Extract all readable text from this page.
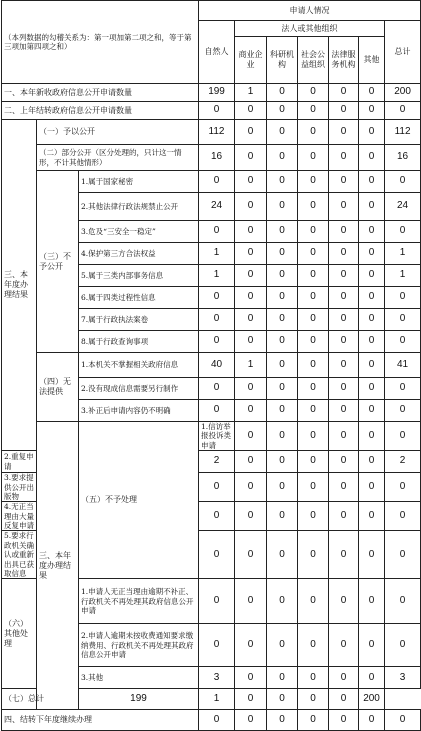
（本列数据的勾稽关系为：第一项加第二项之和，等于第三项加第四项之和）			申请人情况							
			自然人	法人或其他组织					总计	
				商业企业	科研机构	社会公益组织	法律服务机构	其他		
一、本年新收政府信息公开申请数量			199	1	0	0	0	0	200	
二、上年结转政府信息公开申请数量			0	0	0	0	0	0	0	
三、本年度办理结果	（一）予以公开		112	0	0	0	0	0	112	
	（二）部分公开（区分处理的，只计这一情形，不计其他情形）		16	0	0	0	0	0	16	
	（三）不予公开	1.属于国家秘密	0	0	0	0	0	0	0	
		2.其他法律行政法规禁止公开	24	0	0	0	0	0	24	
		3.危及“三安全一稳定”	0	0	0	0	0	0	0	
		4.保护第三方合法权益	1	0	0	0	0	0	1	
		5.属于三类内部事务信息	1	0	0	0	0	0	1	
		6.属于四类过程性信息	0	0	0	0	0	0	0	
		7.属于行政执法案卷	0	0	0	0	0	0	0	
		8.属于行政查询事项	0	0	0	0	0	0	0	
	（四）无法提供	1.本机关不掌握相关政府信息	40	1	0	0	0	0	41	
		2.没有现成信息需要另行制作	0	0	0	0	0	0	0	
		3.补正后申请内容仍不明确	0	0	0	0	0	0	0	
	三、本年度办理结果	（五）不予处理	1.信访举报投诉类申请	0	0	0	0	0	0	
2.重复申请			2	0	0	0	0	0	2	
3.要求提供公开出版物			0	0	0	0	0	0	0	
4.无正当理由大量反复申请			0	0	0	0	0	0	0	
5.要求行政机关确认或重新出具已获取信息			0	0	0	0	0	0	0	
（六）其他处理		1.申请人无正当理由逾期不补正、行政机关不再处理其政府信息公开申请	0	0	0	0	0	0	0	
		2.申请人逾期未按收费通知要求缴纳费用、行政机关不再处理其政府信息公开申请	0	0	0	0	0	0	0	
		3.其他	3	0	0	0	0	0	3	
（七）总计		199	1	0	0	0	0	200		
四、结转下年度继续办理			0	0	0	0	0	0	0	
